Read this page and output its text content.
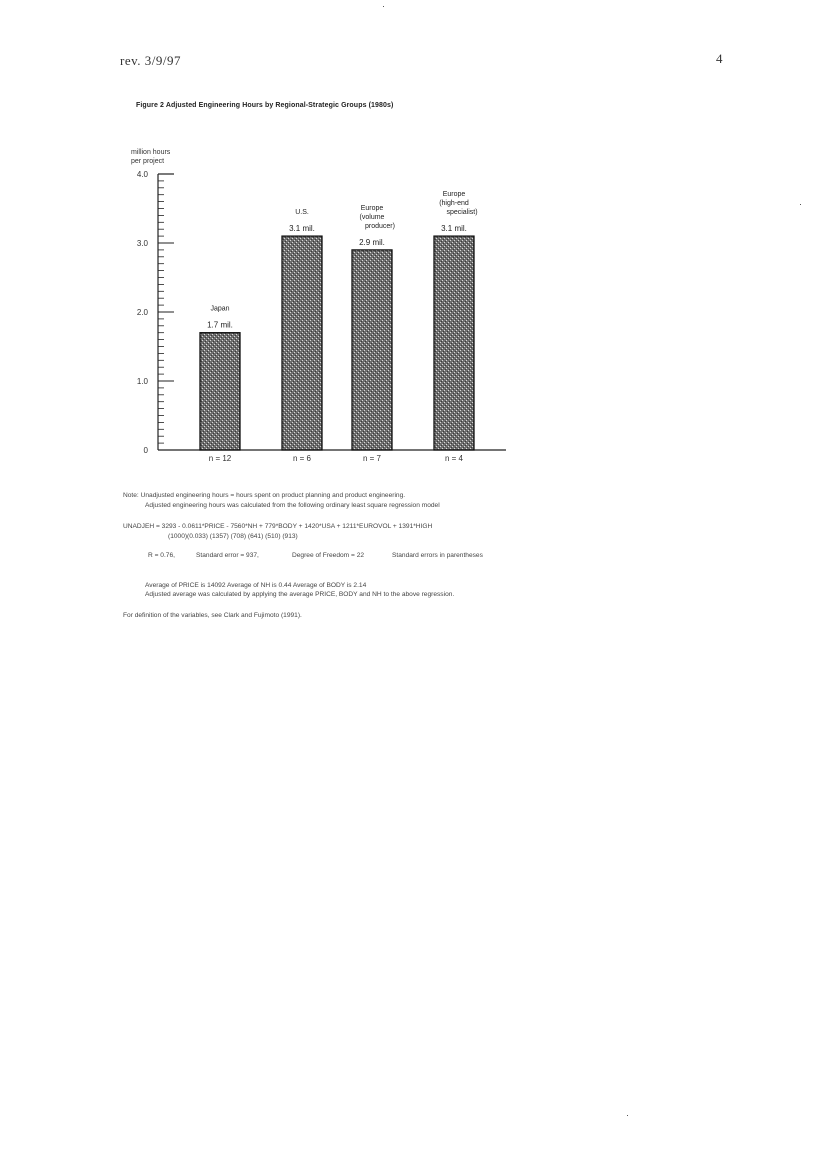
rev. 3/9/97	4
Figure 2 Adjusted Engineering Hours by Regional-Strategic Groups (1980s)
million hours
per project
0
1.0
2.0
3.0
4.0
1.7 mil.
Japan
n = 12
3.1 mil.
U.S.
n = 6
2.9 mil.
Europe
(volume
producer)
n = 7
3.1 mil.
Europe
(high-end
specialist)
n = 4
Note: Unadjusted engineering hours = hours spent on product planning and product engineering.
Adjusted engineering hours was calculated from the following ordinary least square regression model
UNADJEH = 3293 - 0.0611*PRICE - 7560*NH + 779*BODY + 1420*USA + 1211*EUROVOL + 1391*HIGH
(1000)(0.033) (1357) (708) (641) (510) (913)
R = 0.76,	Standard error = 937,	Degree of Freedom = 22	Standard errors in parentheses
Average of PRICE is 14092 Average of NH is 0.44 Average of BODY is 2.14
Adjusted average was calculated by applying the average PRICE, BODY and NH to the above regression.
For definition of the variables, see Clark and Fujimoto (1991).
